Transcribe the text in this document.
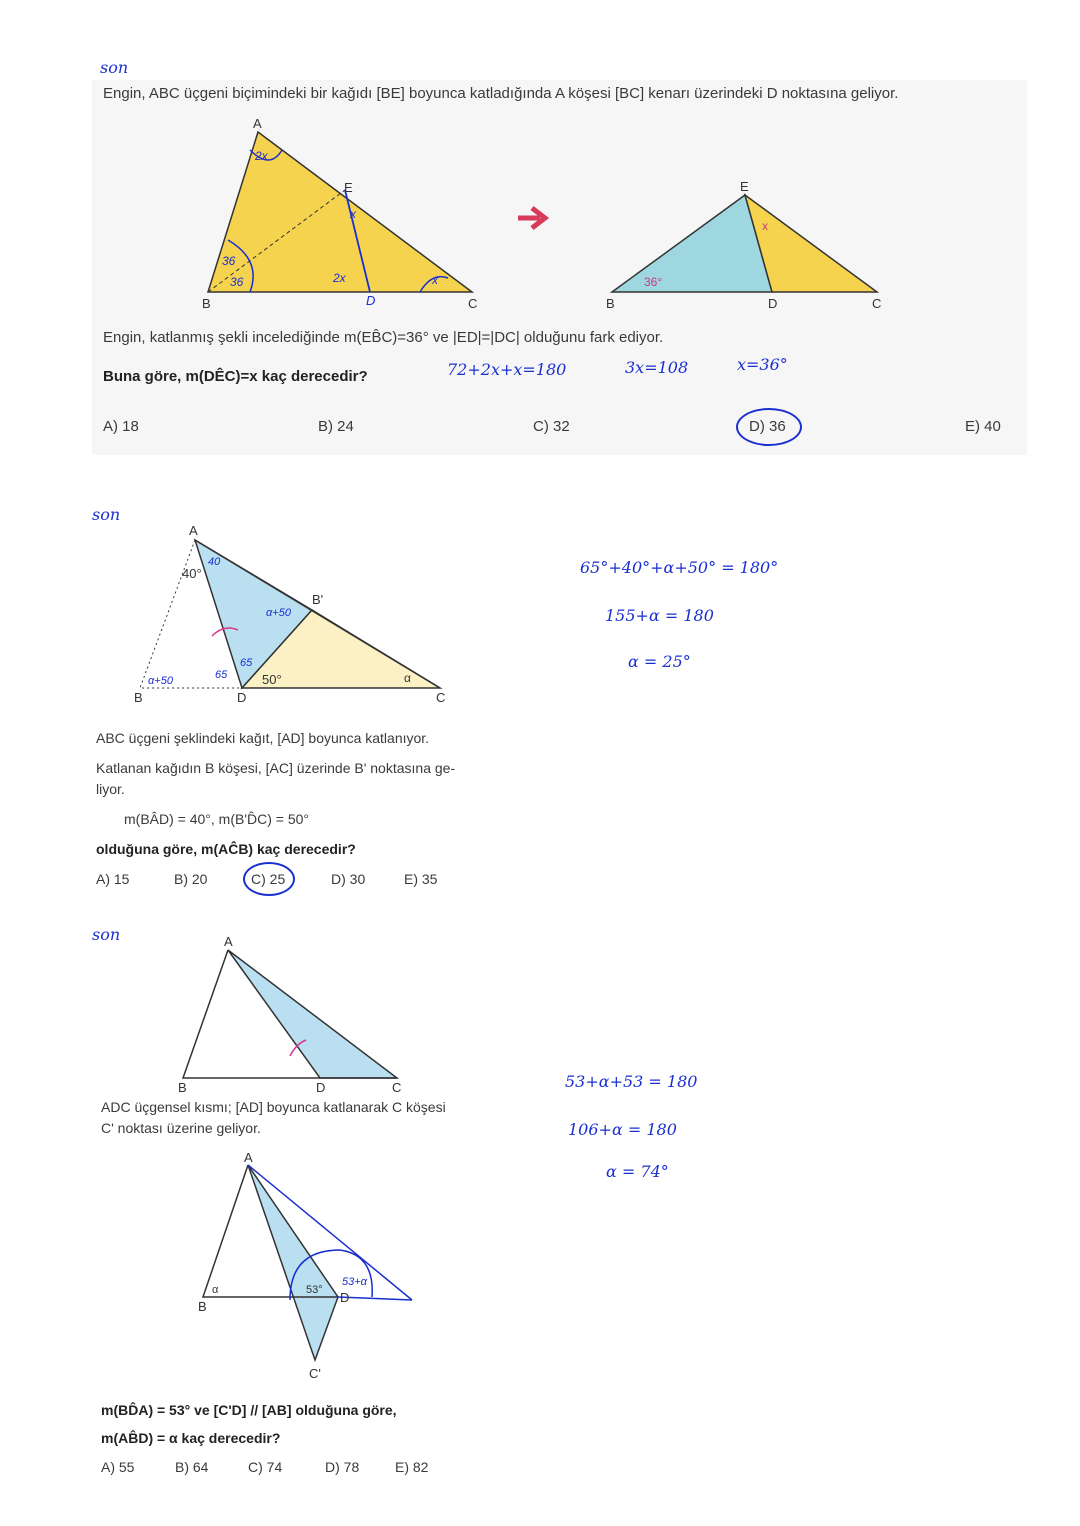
son
Engin, ABC üçgeni biçimindeki bir kağıdı [BE] boyunca katladığında A köşesi [BC] kenarı üzerindeki D noktasına geliyor.
A
B	C
E
D
2x
36
36	2x	x
x
E
B	D	C
36°
x
A
B
B'
C
D
40°
50°	α
40
α+50
65
65
α+50
A
B	D	C
A
B
D
C'
α	53°
53+α
Engin, katlanmış şekli incelediğinde m(EB̂C)=36° ve |ED|=|DC| olduğunu fark ediyor.
Buna göre, m(DÊC)=x kaç derecedir?	72+2x+x=180	3x=108	x=36°
A) 18	B) 24	C) 32	D) 36	E) 40
son
65°+40°+α+50° = 180°
155+α = 180
α = 25°
ABC üçgeni şeklindeki kağıt, [AD] boyunca katlanıyor.
Katlanan kağıdın B köşesi, [AC] üzerinde B' noktasına ge-
liyor.
m(BÂD) = 40°, m(B'D̂C) = 50°
olduğuna göre, m(AĈB) kaç derecedir?
A) 15	B) 20	C) 25	D) 30	E) 35
son
ADC üçgensel kısmı; [AD] boyunca katlanarak C köşesi
C' noktası üzerine geliyor.
53+α+53 = 180
106+α = 180
α = 74°
m(BD̂A) = 53° ve [C'D] // [AB] olduğuna göre,
m(AB̂D) = α kaç derecedir?
A) 55	B) 64	C) 74	D) 78	E) 82
